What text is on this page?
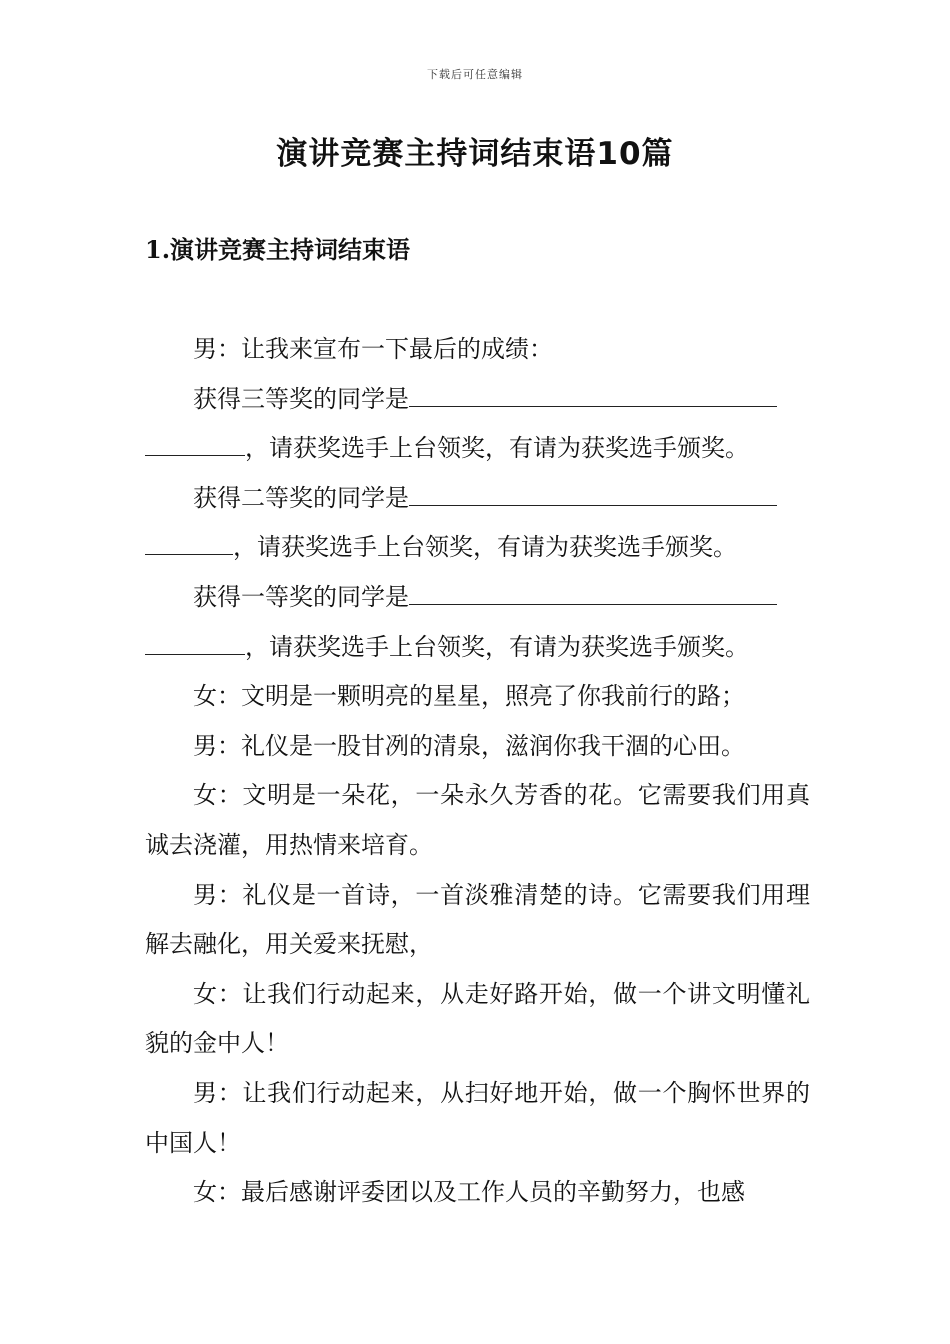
下载后可任意编辑
演讲竞赛主持词结束语10篇
1.演讲竞赛主持词结束语

男：让我来宣布一下最后的成绩：

获得三等奖的同学是
，请获奖选手上台领奖，有请为获奖选手颁奖。
获得二等奖的同学是
，请获奖选手上台领奖，有请为获奖选手颁奖。
获得一等奖的同学是
，请获奖选手上台领奖，有请为获奖选手颁奖。

女：文明是一颗明亮的星星，照亮了你我前行的路；

男：礼仪是一股甘冽的清泉，滋润你我干涸的心田。

女：文明是一朵花，一朵永久芳香的花。它需要我们用真诚去浇灌，用热情来培育。

男：礼仪是一首诗，一首淡雅清楚的诗。它需要我们用理解去融化，用关爱来抚慰，

女：让我们行动起来，从走好路开始，做一个讲文明懂礼貌的金中人！

男：让我们行动起来，从扫好地开始，做一个胸怀世界的中国人！

女：最后感谢评委团以及工作人员的辛勤努力，也感
